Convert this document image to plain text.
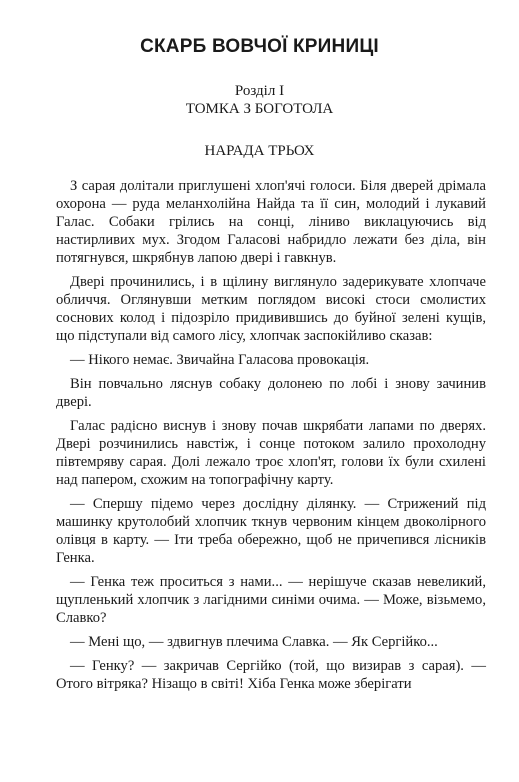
СКАРБ ВОВЧОЇ КРИНИЦІ
Розділ І
ТОМКА З БОГОТОЛА
НАРАДА ТРЬОХ

З сарая долітали приглушені хлоп'ячі голоси. Біля дверей дрімала охорона — руда меланхолійна Найда та її син, молодий і лукавий Галас. Собаки грілись на сонці, ліниво виклацуючись від настирливих мух. Згодом Галасові набридло лежати без діла, він потягнувся, шкрябнув лапою двері і гавкнув.

Двері прочинились, і в щілину виглянуло задерикувате хлопчаче обличчя. Оглянувши метким поглядом високі стоси смолистих соснових колод і підозріло придивившись до буйної зелені кущів, що підступали від самого лісу, хлопчак заспокійливо сказав:

— Нікого немає. Звичайна Галасова провокація.

Він повчально ляснув собаку долонею по лобі і знову зачинив двері.

Галас радісно виснув і знову почав шкрябати лапами по дверях. Двері розчинились навстіж, і сонце потоком залило прохолодну півтемряву сарая. Долі лежало троє хлоп'ят, голови їх були схилені над папером, схожим на топографічну карту.

— Спершу підемо через дослідну ділянку. — Стрижений під машинку крутолобий хлопчик ткнув червоним кінцем двоколірного олівця в карту. — Іти треба обережно, щоб не причепився лісників Генка.

— Генка теж проситься з нами... — нерішуче сказав невеликий, щупленький хлопчик з лагідними синіми очима. — Може, візьмемо, Славко?

— Мені що, — здвигнув плечима Славка. — Як Сергійко...

— Генку? — закричав Сергійко (той, що визирав з сарая). — Отого вітряка? Нізащо в світі! Хіба Генка може зберігати
